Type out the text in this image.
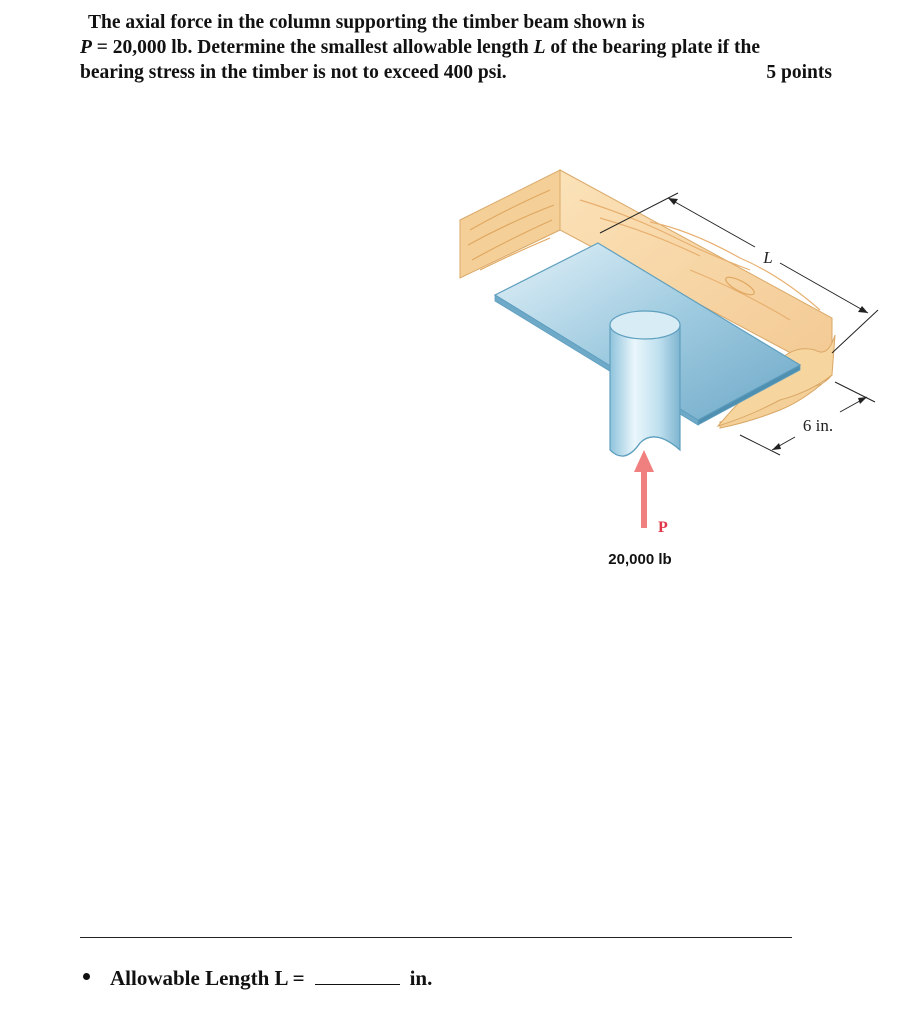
The axial force in the column supporting the timber beam shown is
P = 20,000 lb. Determine the smallest allowable length L of the bearing plate if the
bearing stress in the timber is not to exceed 400 psi.	5 points
P
20,000 lb
L
6 in.
Allowable Length L =	in.
